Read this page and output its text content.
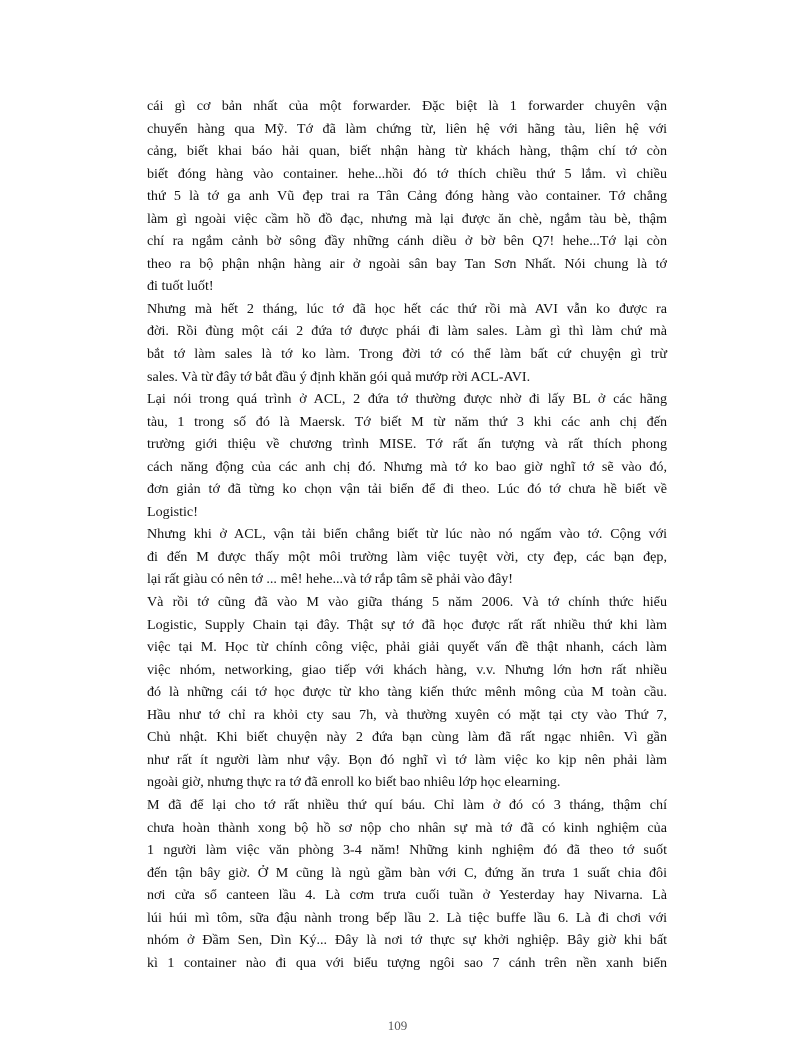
cái gì cơ bản nhất của một forwarder. Đặc biệt là 1 forwarder chuyên vận
chuyển hàng qua Mỹ. Tớ đã làm chứng từ, liên hệ với hãng tàu, liên hệ với
cảng, biết khai báo hải quan, biết nhận hàng từ khách hàng, thậm chí tớ còn
biết đóng hàng vào container. hehe...hồi đó tớ thích chiều thứ 5 lắm. vì chiều
thứ 5 là tớ ga anh Vũ đẹp trai ra Tân Cảng đóng hàng vào container. Tớ chẳng
làm gì ngoài việc cầm hồ đồ đạc, nhưng mà lại được ăn chè, ngắm tàu bè, thậm
chí ra ngắm cảnh bờ sông đầy những cánh diều ở bờ bên Q7! hehe...Tớ lại còn
theo ra bộ phận nhận hàng air ở ngoài sân bay Tan Sơn Nhất. Nói chung là tớ
đi tuốt luốt!
Nhưng mà hết 2 tháng, lúc tớ đã học hết các thứ rồi mà AVI vẫn ko được ra
đời. Rồi đùng một cái 2 đứa tớ được phái đi làm sales. Làm gì thì làm chứ mà
bắt tớ làm sales là tớ ko làm. Trong đời tớ có thể làm bất cứ chuyện gì trừ
sales. Và từ đây tớ bắt đầu ý định khăn gói quả mướp rời ACL-AVI.
Lại nói trong quá trình ở ACL, 2 đứa tớ thường được nhờ đi lấy BL ở các hãng
tàu, 1 trong số đó là Maersk. Tớ biết M từ năm thứ 3 khi các anh chị đến
trường giới thiệu về chương trình MISE. Tớ rất ấn tượng và rất thích phong
cách năng động của các anh chị đó. Nhưng mà tớ ko bao giờ nghĩ tớ sẽ vào đó,
đơn giản tớ đã từng ko chọn vận tải biển để đi theo. Lúc đó tớ chưa hề biết về
Logistic!
Nhưng khi ở ACL, vận tải biển chẳng biết từ lúc nào nó ngấm vào tớ. Cộng với
đi đến M được thấy một môi trường làm việc tuyệt vời, cty đẹp, các bạn đẹp,
lại rất giàu có nên tớ ... mê! hehe...và tớ rắp tâm sẽ phải vào đây!
Và rồi tớ cũng đã vào M vào giữa tháng 5 năm 2006. Và tớ chính thức hiểu
Logistic, Supply Chain tại đây. Thật sự tớ đã học được rất rất nhiều thứ khi làm
việc tại M. Học từ chính công việc, phải giải quyết vấn đề thật nhanh, cách làm
việc nhóm, networking, giao tiếp với khách hàng, v.v. Nhưng lớn hơn rất nhiều
đó là những cái tớ học được từ kho tàng kiến thức mênh mông của M toàn cầu.
Hầu như tớ chỉ ra khỏi cty sau 7h, và thường xuyên có mặt tại cty vào Thứ 7,
Chủ nhật. Khi biết chuyện này 2 đứa bạn cùng làm đã rất ngạc nhiên. Vì gần
như rất ít người làm như vậy. Bọn đó nghĩ vì tớ làm việc ko kịp nên phải làm
ngoài giờ, nhưng thực ra tớ đã enroll ko biết bao nhiêu lớp học elearning.
M đã để lại cho tớ rất nhiều thứ quí báu. Chỉ làm ở đó có 3 tháng, thậm chí
chưa hoàn thành xong bộ hồ sơ nộp cho nhân sự mà tớ đã có kinh nghiệm của
1 người làm việc văn phòng 3-4 năm! Những kinh nghiệm đó đã theo tớ suốt
đến tận bây giờ. Ở M cũng là ngủ gầm bàn với C, đứng ăn trưa 1 suất chia đôi
nơi cửa sổ canteen lầu 4. Là cơm trưa cuối tuần ở Yesterday hay Nivarna. Là
lúi húi mì tôm, sữa đậu nành trong bếp lầu 2. Là tiệc buffe lầu 6. Là đi chơi với
nhóm ở Đầm Sen, Dìn Ký... Đây là nơi tớ thực sự khởi nghiệp. Bây giờ khi bất
kì 1 container nào đi qua với biểu tượng ngôi sao 7 cánh trên nền xanh biển
109
